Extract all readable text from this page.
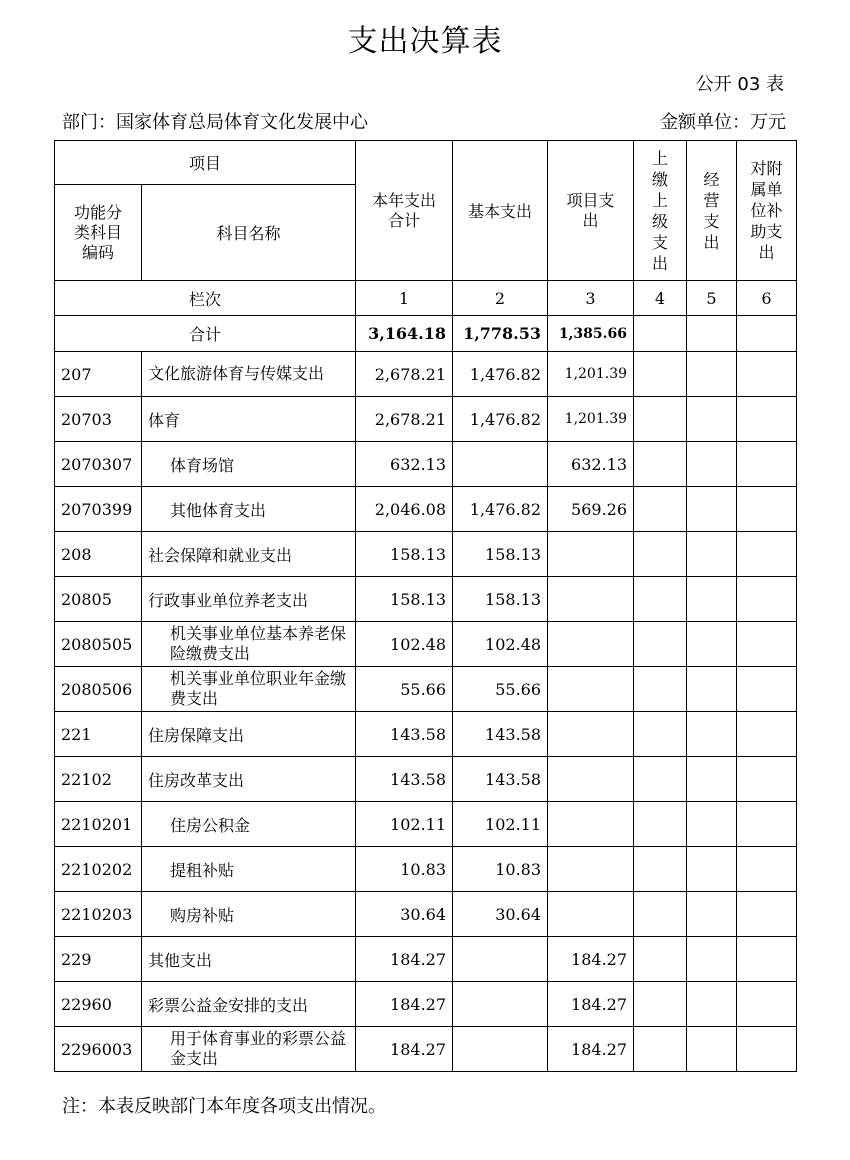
支出决算表
公开 03 表
部门：国家体育总局体育文化发展中心	金额单位：万元
项目		本年支出合计	基本支出	项目支出	上缴上级支出	经营支出	对附属单位补助支出

功能分类科目编码	科目名称						
栏次		1	2	3	4	5	6
合计		3,164.18	1,778.53	1,385.66			
207	文化旅游体育与传媒支出	2,678.21	1,476.82	1,201.39			
20703	体育	2,678.21	1,476.82	1,201.39			
2070307	体育场馆	632.13		632.13			
2070399	其他体育支出	2,046.08	1,476.82	569.26			
208	社会保障和就业支出	158.13	158.13				
20805	行政事业单位养老支出	158.13	158.13				
2080505	机关事业单位基本养老保险缴费支出	102.48	102.48				
2080506	机关事业单位职业年金缴费支出	55.66	55.66				
221	住房保障支出	143.58	143.58				
22102	住房改革支出	143.58	143.58				
2210201	住房公积金	102.11	102.11				
2210202	提租补贴	10.83	10.83				
2210203	购房补贴	30.64	30.64				
229	其他支出	184.27		184.27			
22960	彩票公益金安排的支出	184.27		184.27			
2296003	用于体育事业的彩票公益金支出	184.27		184.27			
注：本表反映部门本年度各项支出情况。
